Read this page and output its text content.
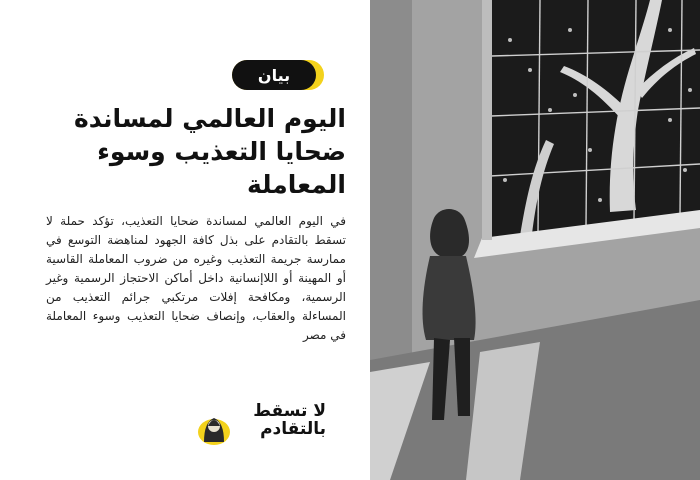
بيان
اليوم العالمي لمساندة ضحايا التعذيب وسوء المعاملة

في اليوم العالمي لمساندة ضحايا التعذيب، تؤكد حملة لا تسقط بالتقادم على بذل كافة الجهود لمناهضة التوسع في ممارسة جريمة التعذيب وغيره من ضروب المعاملة القاسية أو المهينة أو اللاإنسانية داخل أماكن الاحتجاز الرسمية وغير الرسمية، ومكافحة إفلات مرتكبي جرائم التعذيب من المساءلة والعقاب، وإنصاف ضحايا التعذيب وسوء المعاملة في مصر

لا تسقط
بالتقادم
